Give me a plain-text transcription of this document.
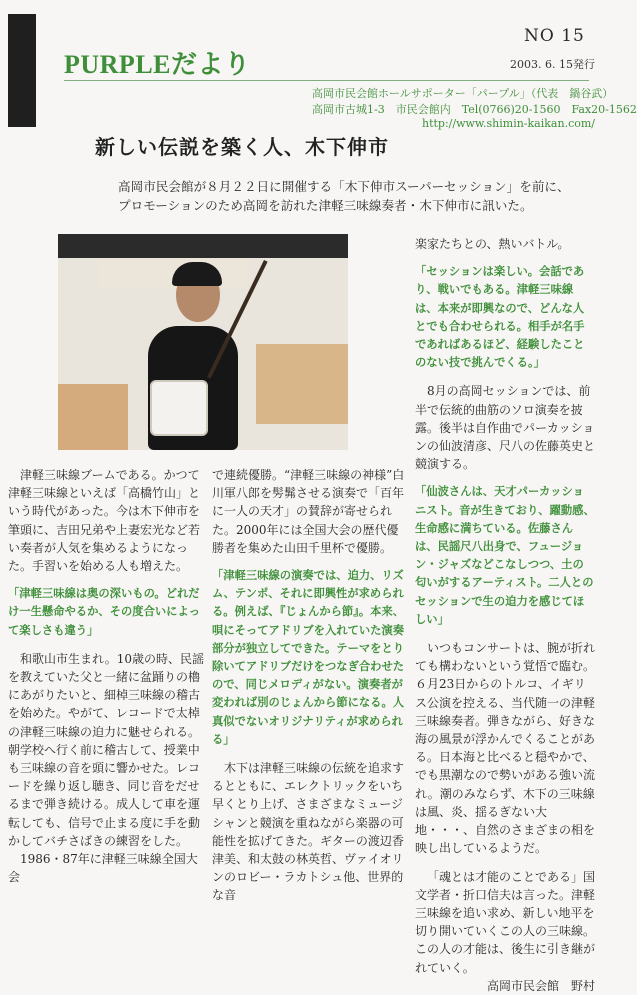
PURPLEだより
NO 15
2003. 6. 15発行
高岡市民会館ホールサポーター「パープル」（代表　鍋谷武）
高岡市古城1-3　市民会館内　Tel(0766)20-1560　Fax20-1562
http://www.shimin-kaikan.com/
新しい伝説を築く人、木下伸市
高岡市民会館が８月２２日に開催する「木下伸市スーパーセッション」を前に、プロモーションのため高岡を訪れた津軽三味線奏者・木下伸市に訊いた。

津軽三味線ブームである。かつて津軽三味線といえば「高橋竹山」という時代があった。今は木下伸市を筆頭に、吉田兄弟や上妻宏光など若い奏者が人気を集めるようになった。手習いを始める人も増えた。

「津軽三味線は奥の深いもの。どれだけ一生懸命やるか、その度合いによって楽しさも違う」

和歌山市生まれ。10歳の時、民謡を教えていた父と一緒に盆踊りの櫓にあがりたいと、細棹三味線の稽古を始めた。やがて、レコードで太棹の津軽三味線の迫力に魅せられる。朝学校へ行く前に稽古して、授業中も三味線の音を頭に響かせた。レコードを繰り返し聴き、同じ音をだせるまで弾き続ける。成人して車を運転しても、信号で止まる度に手を動かしてバチさばきの練習をした。

1986・87年に津軽三味線全国大会

で連続優勝。“津軽三味線の神様”白川軍八郎を髣髴させる演奏で「百年に一人の天才」の賛辞が寄せられた。2000年には全国大会の歴代優勝者を集めた山田千里杯で優勝。

「津軽三味線の演奏では、迫力、リズム、テンポ、それに即興性が求められる。例えば、『じょんから節』。本来、唄にそってアドリブを入れていた演奏部分が独立してできた。テーマをとり除いてアドリブだけをつなぎ合わせたので、同じメロディがない。演奏者が変われば別のじょんから節になる。人真似でないオリジナリティが求められる」

木下は津軽三味線の伝統を追求するとともに、エレクトリックをいち早くとり上げ、さまざまなミュージシャンと競演を重ねながら楽器の可能性を拡げてきた。ギターの渡辺香津美、和太鼓の林英哲、ヴァイオリンのロビー・ラカトシュ他、世界的な音

楽家たちとの、熱いバトル。

「セッションは楽しい。会話であり、戦いでもある。津軽三味線は、本来が即興なので、どんな人とでも合わせられる。相手が名手であればあるほど、経験したことのない技で挑んでくる。」

8月の高岡セッションでは、前半で伝統的曲筋のソロ演奏を披露。後半は自作曲でパーカッションの仙波清彦、尺八の佐藤英史と競演する。

「仙波さんは、天才パーカッショニスト。音が生きており、躍動感、生命感に満ちている。佐藤さんは、民謡尺八出身で、フュージョン・ジャズなどこなしつつ、土の匂いがするアーティスト。二人とのセッションで生の迫力を感じてほしい」

いつもコンサートは、腕が折れても構わないという覚悟で臨む。６月23日からのトルコ、イギリス公演を控える、当代随一の津軽三味線奏者。弾きながら、好きな海の風景が浮かんでくることがある。日本海と比べると穏やかで、でも黒潮なので勢いがある強い流れ。潮のみならず、木下の三味線は風、炎、揺るぎない大地・・・、自然のさまざまの相を映し出しているようだ。

「魂とは才能のことである」国文学者・折口信夫は言った。津軽三味線を追い求め、新しい地平を切り開いていくこの人の三味線。この人の才能は、後生に引き継がれていく。

高岡市民会館　野村
